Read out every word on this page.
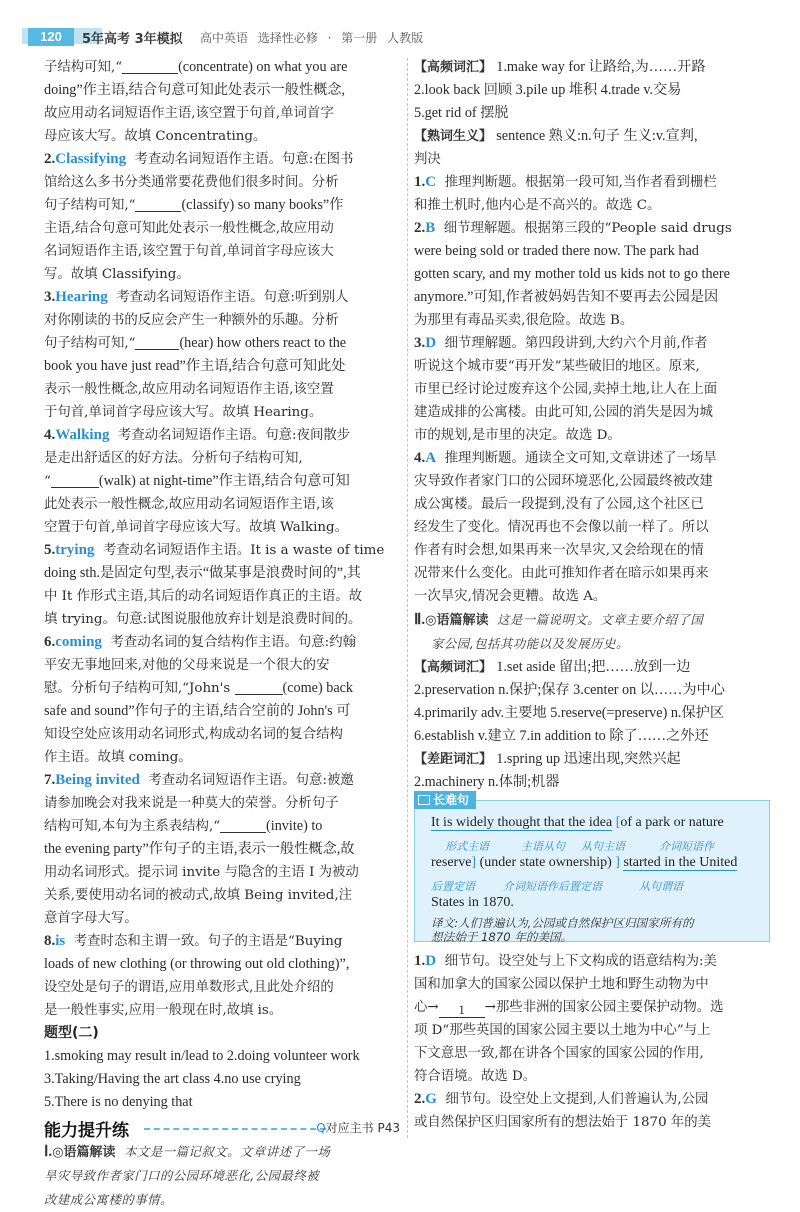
120	5年高考 3年模拟 高中英语 选择性必修 · 第一册 人教版
子结构可知,“	(concentrate) on what you are
doing”作主语,结合句意可知此处表示一般性概念,
故应用动名词短语作主语,该空置于句首,单词首字
母应该大写。故填 Concentrating。
2.Classifying 考查动名词短语作主语。句意:在图书
馆给这么多书分类通常要花费他们很多时间。分析
句子结构可知,“	(classify) so many books”作
主语,结合句意可知此处表示一般性概念,故应用动
名词短语作主语,该空置于句首,单词首字母应该大
写。故填 Classifying。
3.Hearing 考查动名词短语作主语。句意:听到别人
对你刚读的书的反应会产生一种额外的乐趣。分析
句子结构可知,“	(hear) how others react to the
book you have just read”作主语,结合句意可知此处
表示一般性概念,故应用动名词短语作主语,该空置
于句首,单词首字母应该大写。故填 Hearing。
4.Walking 考查动名词短语作主语。句意:夜间散步
是走出舒适区的好方法。分析句子结构可知,
“	(walk) at night-time”作主语,结合句意可知
此处表示一般性概念,故应用动名词短语作主语,该
空置于句首,单词首字母应该大写。故填 Walking。
5.trying 考查动名词短语作主语。It is a waste of time
doing sth.是固定句型,表示“做某事是浪费时间的”,其
中 It 作形式主语,其后的动名词短语作真正的主语。故
填 trying。句意:试图说服他放弃计划是浪费时间的。
6.coming 考查动名词的复合结构作主语。句意:约翰
平安无事地回来,对他的父母来说是一个很大的安
慰。分析句子结构可知,“John's	(come) back
safe and sound”作句子的主语,结合空前的 John's 可
知设空处应该用动名词形式,构成动名词的复合结构
作主语。故填 coming。
7.Being invited 考查动名词短语作主语。句意:被邀
请参加晚会对我来说是一种莫大的荣誉。分析句子
结构可知,本句为主系表结构,“	(invite) to
the evening party”作句子的主语,表示一般性概念,故
用动名词形式。提示词 invite 与隐含的主语 I 为被动
关系,要使用动名词的被动式,故填 Being invited,注
意首字母大写。
8.is 考查时态和主谓一致。句子的主语是“Buying
loads of new clothing (or throwing out old clothing)”,
设空处是句子的谓语,应用单数形式,且此处介绍的
是一般性事实,应用一般现在时,故填 is。
题型(二)
1.smoking may result in/lead to 2.doing volunteer work
3.Taking/Having the art class 4.no use crying
5.There is no denying that
能力提升练	Q对应主书 P43
Ⅰ.◎语篇解读 本文是一篇记叙文。文章讲述了一场
旱灾导致作者家门口的公园环境恶化,公园最终被
改建成公寓楼的事情。
【高频词汇】 1.make way for 让路给,为……开路
2.look back 回顾 3.pile up 堆积 4.trade v.交易
5.get rid of 摆脱
【熟词生义】 sentence 熟义:n.句子 生义:v.宣判,
判决
1.C 推理判断题。根据第一段可知,当作者看到栅栏
和推土机时,他内心是不高兴的。故选 C。
2.B 细节理解题。根据第三段的“People said drugs
were being sold or traded there now. The park had
gotten scary, and my mother told us kids not to go there
anymore.”可知,作者被妈妈告知不要再去公园是因
为那里有毒品买卖,很危险。故选 B。
3.D 细节理解题。第四段讲到,大约六个月前,作者
听说这个城市要“再开发”某些破旧的地区。原来,
市里已经讨论过废弃这个公园,卖掉土地,让人在上面
建造成排的公寓楼。由此可知,公园的消失是因为城
市的规划,是市里的决定。故选 D。
4.A 推理判断题。通读全文可知,文章讲述了一场旱
灾导致作者家门口的公园环境恶化,公园最终被改建
成公寓楼。最后一段提到,没有了公园,这个社区已
经发生了变化。情况再也不会像以前一样了。所以
作者有时会想,如果再来一次旱灾,又会给现在的情
况带来什么变化。由此可推知作者在暗示如果再来
一次旱灾,情况会更糟。故选 A。
Ⅱ.◎语篇解读 这是一篇说明文。文章主要介绍了国
家公园,包括其功能以及发展历史。
【高频词汇】 1.set aside 留出;把……放到一边
2.preservation n.保护;保存 3.center on 以……为中心
4.primarily adv.主要地 5.reserve(=preserve) n.保护区
6.establish v.建立 7.in addition to 除了……之外还
【差距词汇】 1.spring up 迅速出现,突然兴起
2.machinery n.体制;机器
长难句
It is widely thought that the idea [of a park or nature
形式主语	主语从句 从句主语	介词短语作
reserve] (under state ownership) ] started in the United
后置定语	介词短语作后置定语	从句谓语
States in 1870.
译文:人们普遍认为,公园或自然保护区归国家所有的
想法始于 1870 年的美国。
1.D 细节句。设空处与上下文构成的语意结构为:美
国和加拿大的国家公园以保护土地和野生动物为中
心→ 1 →那些非洲的国家公园主要保护动物。选
项 D“那些英国的国家公园主要以土地为中心”与上
下文意思一致,都在讲各个国家的国家公园的作用,
符合语境。故选 D。
2.G 细节句。设空处上文提到,人们普遍认为,公园
或自然保护区归国家所有的想法始于 1870 年的美
